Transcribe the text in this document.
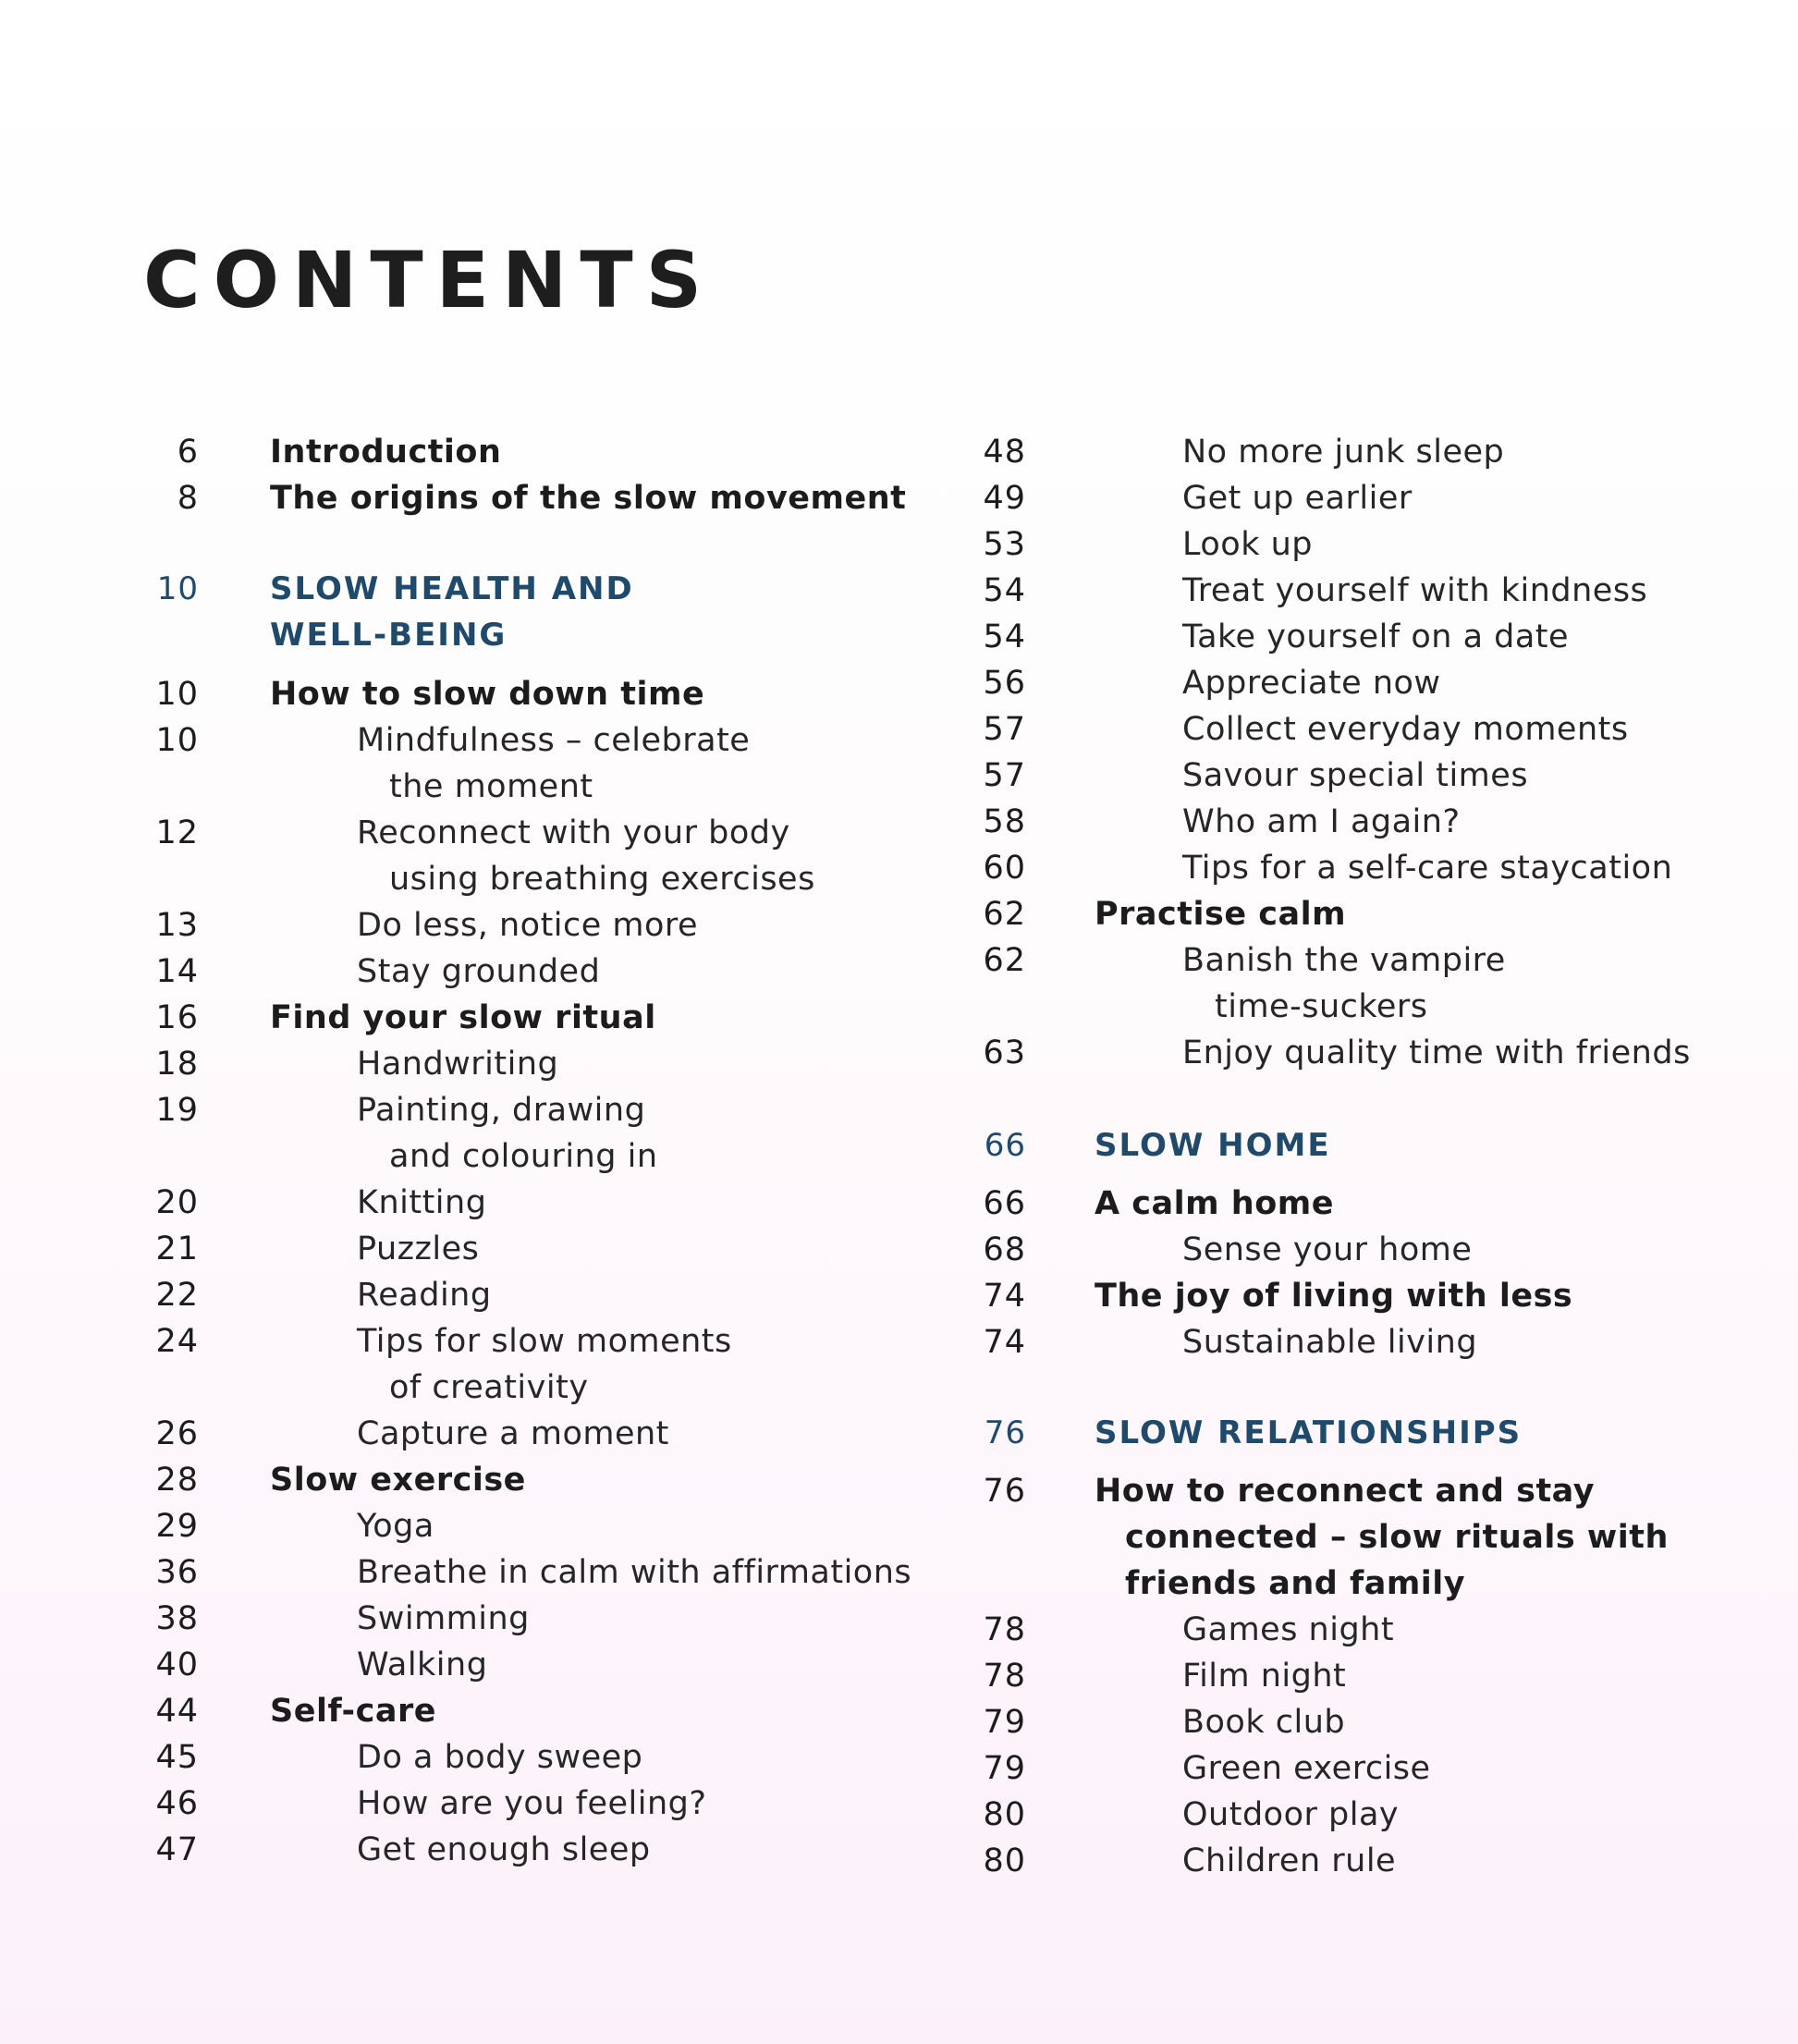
CONTENTS
6 Introduction
8 The origins of the slow movement
10 SLOW HEALTH AND
WELL-BEING
10 How to slow down time
10	Mindfulness – celebrate
the moment
12	Reconnect with your body
using breathing exercises
13	Do less, notice more
14	Stay grounded
16 Find your slow ritual
18	Handwriting
19	Painting, drawing
and colouring in
20	Knitting
21	Puzzles
22	Reading
24	Tips for slow moments
of creativity
26	Capture a moment
28 Slow exercise
29	Yoga
36	Breathe in calm with affirmations
38	Swimming
40	Walking
44 Self-care
45	Do a body sweep
46	How are you feeling?
47	Get enough sleep
48	No more junk sleep
49	Get up earlier
53	Look up
54	Treat yourself with kindness
54	Take yourself on a date
56	Appreciate now
57	Collect everyday moments
57	Savour special times
58	Who am I again?
60	Tips for a self-care staycation
62 Practise calm
62	Banish the vampire
time-suckers
63	Enjoy quality time with friends
66 SLOW HOME
66 A calm home
68	Sense your home
74 The joy of living with less
74	Sustainable living
76 SLOW RELATIONSHIPS
76 How to reconnect and stay
connected – slow rituals with
friends and family
78	Games night
78	Film night
79	Book club
79	Green exercise
80	Outdoor play
80	Children rule
